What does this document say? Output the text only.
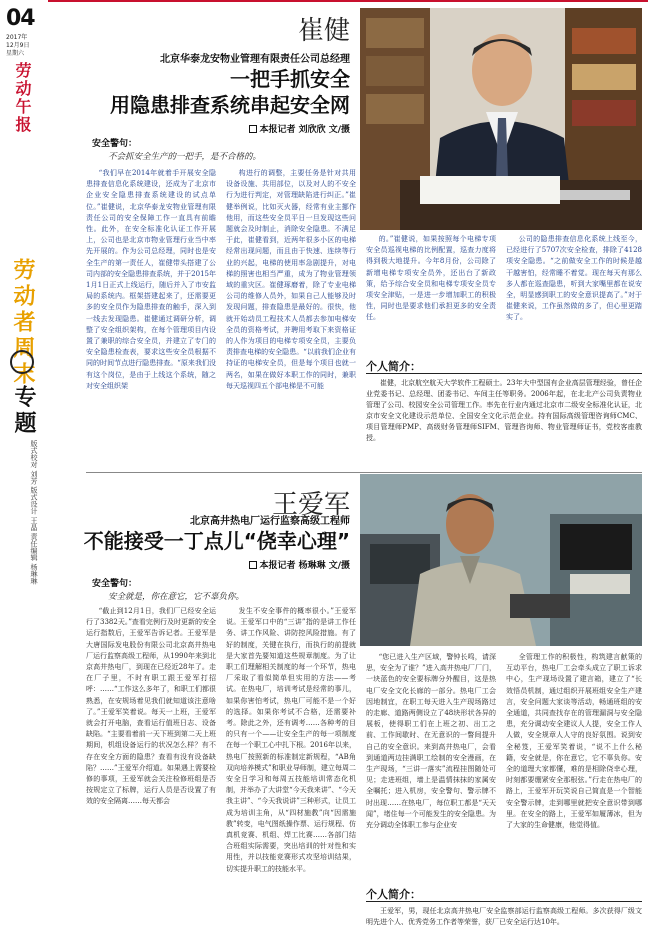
04
2017年
12月9日
星期六
劳动午报
劳动者周末
专题
版式校对 刘芳 版式设计 王晶 责任编辑 杨琳琳
崔健
北京华泰龙安物业管理有限责任公司总经理
一把手抓安全
用隐患排查系统串起安全网
本报记者 刘欣欣 文/摄
安全警句：
不会抓安全生产的一把手，是不合格的。
“我们早在2014年就着手开展安全隐患排查信息化系统建设，还成为了北京市企业安全隐患排查系统建设的试点单位。”崔健说，北京华泰龙安物业管理有限责任公司的安全保障工作一直具有前瞻性。此外，在安全标准化认证工作开展上，公司也是北京市物业管理行业当中率先开展的。作为公司总经理，同时也是安全生产的第一责任人，崔健带头搭建了公司内部的安全隐患排查系统，并于2015年1月1日正式上线运行，随后并入了市安监局的系统内。框架搭建起来了，还需要更多的安全员作为隐患排查的触手，深入到一线去发现隐患。崔健通过调研分析，调整了安全组织架构，在每个管理项目内设置了兼职的综合安全员，并建立了专门的安全隐患检查表，要求这些安全员根据不同的时间节点进行隐患排查。“原来我们没有这个岗位，是由于上线这个系统，随之对安全组织架
构进行的调整，主要任务是针对共用设备设施、共用部位，以及对人的不安全行为进行判定，对管理缺陷进行纠正。”崔健举例说，比如灭火器，经常有业主挪作他用，而这些安全员平日一旦发现这些问题就会及时制止，消除安全隐患。不满足于此，崔健看到，近两年很多小区的电梯经常出现问题，而且由于快速、连续等行业的兴起，电梯的使用率急剧提升，对电梯的照害也相当严重，成为了物业管理领域的重灾区。崔健琢磨着，除了专业电梯公司的维修人员外，如果自己人能够及时发现问题，排查隐患是最好的。很快，他就开始动员工程技术人员都去参加电梯安全员的资格考试，并聘用考取下来资格证的人作为项目的电梯专项安全员，主要负责排查电梯的安全隐患。“以前我们企业有持证的电梯安全员，但是每个项目也就一两名，如果在做好本职工作的同时，兼职每天巡视四五个部电梯是不可能
的。”崔健说，如果按照每个电梯专项安全员巡视电梯的比例配置，巡查力度将得到极大地提升。今年8月份，公司除了新增电梯专项安全员外，还出台了新政策，给予综合安全员和电梯专项安全员专项安全津贴，一是进一步增加职工的积极性，同时也是要求他们承担更多的安全责任。
公司的隐患排查信息化系统上线至今，已经进行了5707次安全检查，排除了4128项安全隐患。“之前做安全工作的时候是越干越害怕，经常睡不着觉。现在每天有那么多人都在巡查隐患，听到大家嘴里都在说安全，明显感到职工的安全意识提高了。”对于崔健来说，工作虽然做的多了，但心里更踏实了。
个人简介：
崔健，北京航空航天大学软件工程硕士。23年大中型国有企业高层管理经验，曾任企业党委书记、总经理、团委书记、车间主任等职务。2006年起，在北北产公司负责物业管理了公司、校园安全公司管理工作。率先在行业内通过北京市二级安全标准化认证，北京市安全文化建设示范单位、全国安全文化示范企业。持有国际高级管理咨询师CMC、项目管理师PMP、高级财务管理师SIFM、管理咨询师、物业管理师证书，党校客座教授。
王爱军
北京高井热电厂运行监察高级工程师
不能接受一丁点儿“侥幸心理”
本报记者 杨琳琳 文/摄
安全警句：
安全就是，你在意它，它不辜负你。
“截止到12月1日，我们厂已经安全运行了3382天。”查看完例行及时更新的安全运行指数后，王爱军告诉记者。王爱军是大唐国际发电股份有限公司北京高井热电厂运行监察高级工程师，从1990年来到北京高井热电厂，到现在已经近28年了。走在厂子里，不时有职工跟王爱军打招呼：……“工作这么多年了，和职工们都很熟悉，在安规场着见我们就知道该注意啥了。”王爱军笑着说。每天一上班，王爱军就会打开电脑，查看运行值班日志、设备缺陷。“主要看着前一天下班到第二天上班期间，机组设备运行的状况怎么样？有不存在安全方面的隐患？查看有没有设备缺陷？……”王爱军介绍道。如果遇上需要检修的事项，王爱军就会关注检修班组是否按规定立了标牌，运行人员是否设置了有效的安全隔离……每天都会
发生不安全事件的概率很小。”王爱军说。王爱军口中的“三讲”指的是讲工作任务、讲工作风险、讲防控风险措施。有了好的制度，关键在执行，而执行的前提就是大家首先要知道这些规章制度。为了让职工们理解相关制度的每一个环节，热电厂采取了看似简单但实用的方法——考试。在热电厂，培训考试是经常的事儿，如果你害怕考试，热电厂可能不是一个好的选择。如果你考试不合格，还需要补考。除此之外，还有调考……各种考的目的只有一个——让安全生产的每一项制度在每一个职工心中扎下根。2016年以来，热电厂按照新的标准制定新规程，“AB角双向培养模式”和职业导师制，建立每周二安全日学习和每周五技能培训常态化机制，并举办了大讲堂“今天我来讲”、“今天我主讲”、“今天我说讲”三种形式，让员工成为培训主角，从“四材施教”向“因需施教”转变，电气图纸操作票、运行规程、仿真机竞赛、机组、焊工比赛……各部门结合班组实际需要，突出培训的针对性和实用性，并以技能竞赛形式攻坚培训结果，切实提升职工的技能水平。
“您已进入生产区域，警钟长鸣，请深思，安全为了谁？”进入高井热电厂厂门，一块蓝色的安全要标牌分外醒目，这是热电厂安全文化长廊的一部分。热电厂工会因地制宜，在职工每天进入生产现场路过的走廊、道路两侧设立了48块形状各异的展板，使得职工们在上班之初、出工之前、工作间歇时、在无意识的一瞥间提升自己的安全意识。来到高井热电厂，会看到通道两边挂满职工绘制的安全漫画，在生产现场，“三讲一落实”流程挂图随处可见；走进班组，墙上是温情抹抹的家属安全嘱托；进入机房，安全警句、警示牌不时出现……在热电厂，每位职工都是“天天闻”，堵住每一个可能发生的安全隐患。为充分调动全体职工参与企业安
全管理工作的积极性，构筑建言献策的互动平台，热电厂工会牵头成立了职工诉求中心，生产现场设置了建言箱，建立了“长效悟员机制，通过组织开展班组安全生产建言，安全问题大家谈等活动，畅通班组的安全通道，共同查找存在的管理漏洞与安全隐患，充分调动安全建议人人提，安全工作人人做，安全规章人人守的良好氛围。说到安全秘笈，王爱军笑着说，“说不上什么秘籍，安全就是，你在意它，它不辜负你。安全的道理大家都懂，难的是相除侥幸心理，时刻都要绷紧安全那根弦。”行走在热电厂的路上，王爱军开玩笑说自己简直是一个智能安全警示牌，走到哪里就把安全意识带到哪里。在安全的路上，王爱军如履薄冰，但为了大家的生命健康，他觉得值。
个人简介：
王爱军，男，现任北京高井热电厂安全监察部运行监察高级工程师。多次获得厂级文明先进个人、优秀党务工作者等荣誉，获厂已安全运行达10年。
